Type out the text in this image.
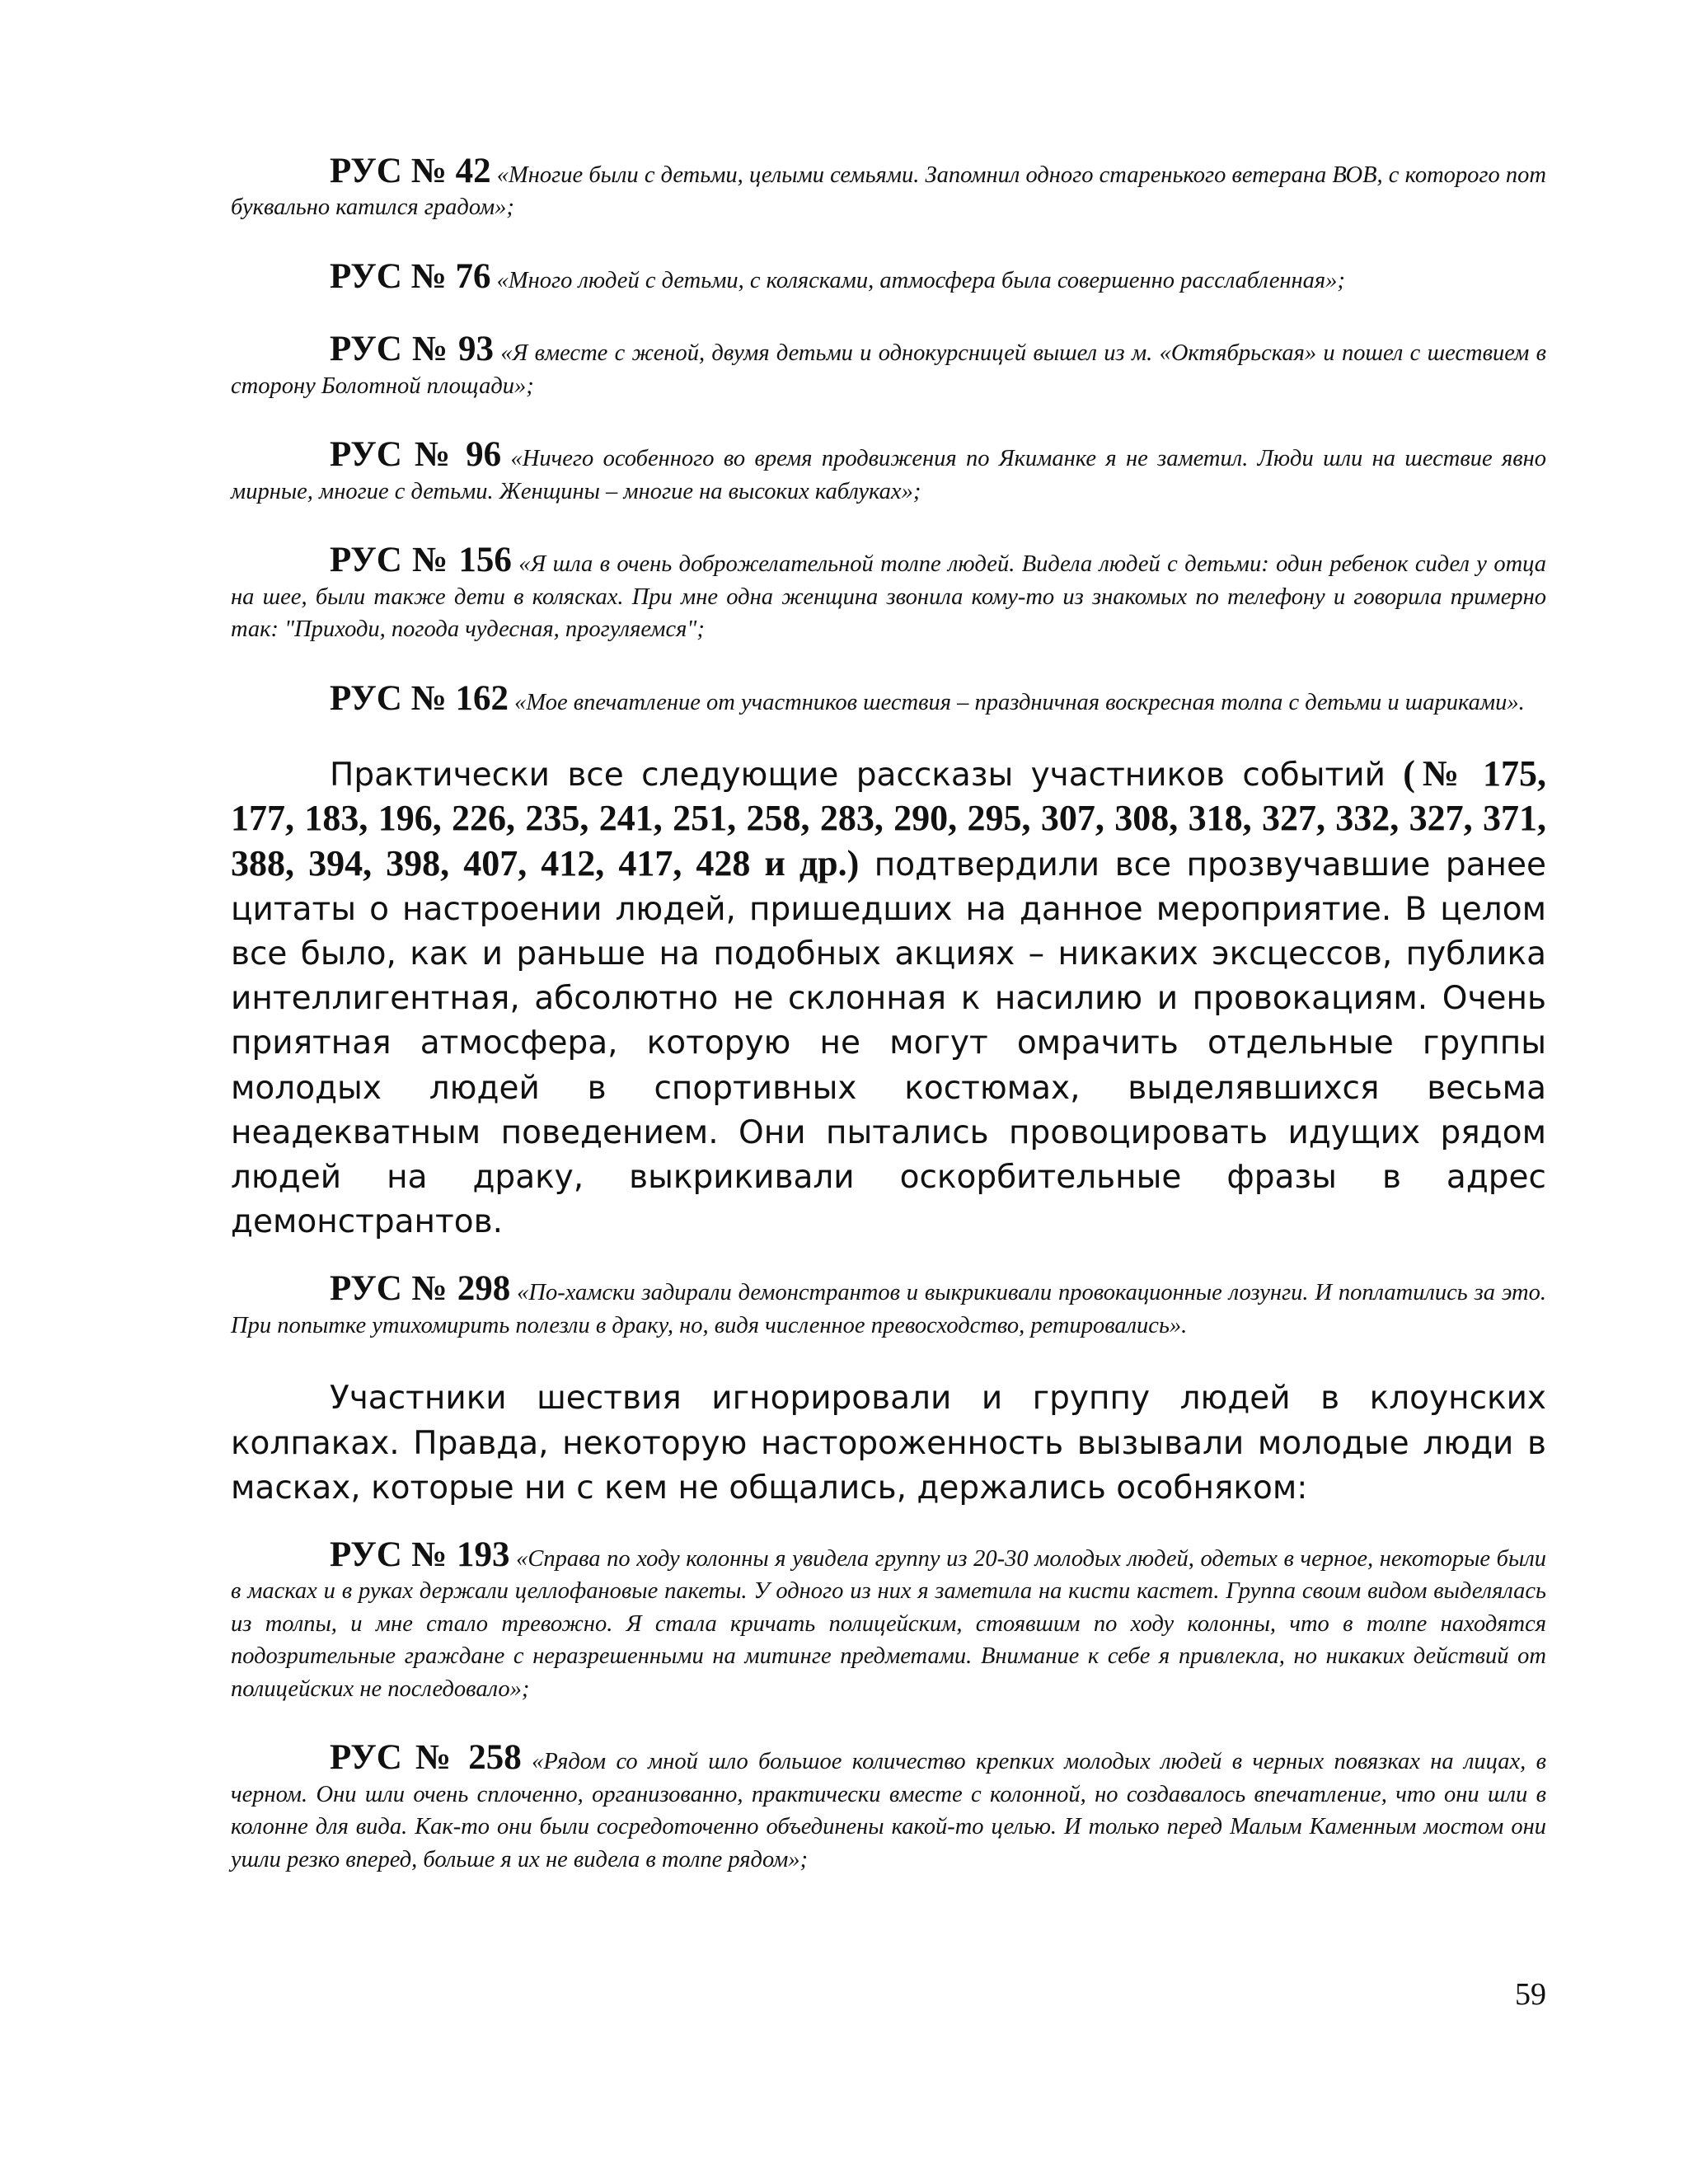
РУС № 42 «Многие были с детьми, целыми семьями. Запомнил одного старенького ветерана ВОВ, с которого пот буквально катился градом»;

РУС № 76 «Много людей с детьми, с колясками, атмосфера была совершенно расслабленная»;

РУС № 93 «Я вместе с женой, двумя детьми и однокурсницей вышел из м. «Октябрьская» и пошел с шествием в сторону Болотной площади»;

РУС № 96 «Ничего особенного во время продвижения по Якиманке я не заметил. Люди шли на шествие явно мирные, многие с детьми. Женщины – многие на высоких каблуках»;

РУС № 156 «Я шла в очень доброжелательной толпе людей. Видела людей с детьми: один ребенок сидел у отца на шее, были также дети в колясках. При мне одна женщина звонила кому-то из знакомых по телефону и говорила примерно так: "Приходи, погода чудесная, прогуляемся";

РУС № 162 «Мое впечатление от участников шествия – праздничная воскресная толпа с детьми и шариками».

Практически все следующие рассказы участников событий (№ 175, 177, 183, 196, 226, 235, 241, 251, 258, 283, 290, 295, 307, 308, 318, 327, 332, 327, 371, 388, 394, 398, 407, 412, 417, 428 и др.) подтвердили все прозвучавшие ранее цитаты о настроении людей, пришедших на данное мероприятие. В целом все было, как и раньше на подобных акциях – никаких эксцессов, публика интеллигентная, абсолютно не склонная к насилию и провокациям. Очень приятная атмосфера, которую не могут омрачить отдельные группы молодых людей в спортивных костюмах, выделявшихся весьма неадекватным поведением. Они пытались провоцировать идущих рядом людей на драку, выкрикивали оскорбительные фразы в адрес демонстрантов.

РУС № 298 «По-хамски задирали демонстрантов и выкрикивали провокационные лозунги. И поплатились за это. При попытке утихомирить полезли в драку, но, видя численное превосходство, ретировались».

Участники шествия игнорировали и группу людей в клоунских колпаках. Правда, некоторую настороженность вызывали молодые люди в масках, которые ни с кем не общались, держались особняком:

РУС № 193 «Справа по ходу колонны я увидела группу из 20-30 молодых людей, одетых в черное, некоторые были в масках и в руках держали целлофановые пакеты. У одного из них я заметила на кисти кастет. Группа своим видом выделялась из толпы, и мне стало тревожно. Я стала кричать полицейским, стоявшим по ходу колонны, что в толпе находятся подозрительные граждане с неразрешенными на митинге предметами. Внимание к себе я привлекла, но никаких действий от полицейских не последовало»;

РУС № 258 «Рядом со мной шло большое количество крепких молодых людей в черных повязках на лицах, в черном. Они шли очень сплоченно, организованно, практически вместе с колонной, но создавалось впечатление, что они шли в колонне для вида. Как-то они были сосредоточенно объединены какой-то целью. И только перед Малым Каменным мостом они ушли резко вперед, больше я их не видела в толпе рядом»;

59
